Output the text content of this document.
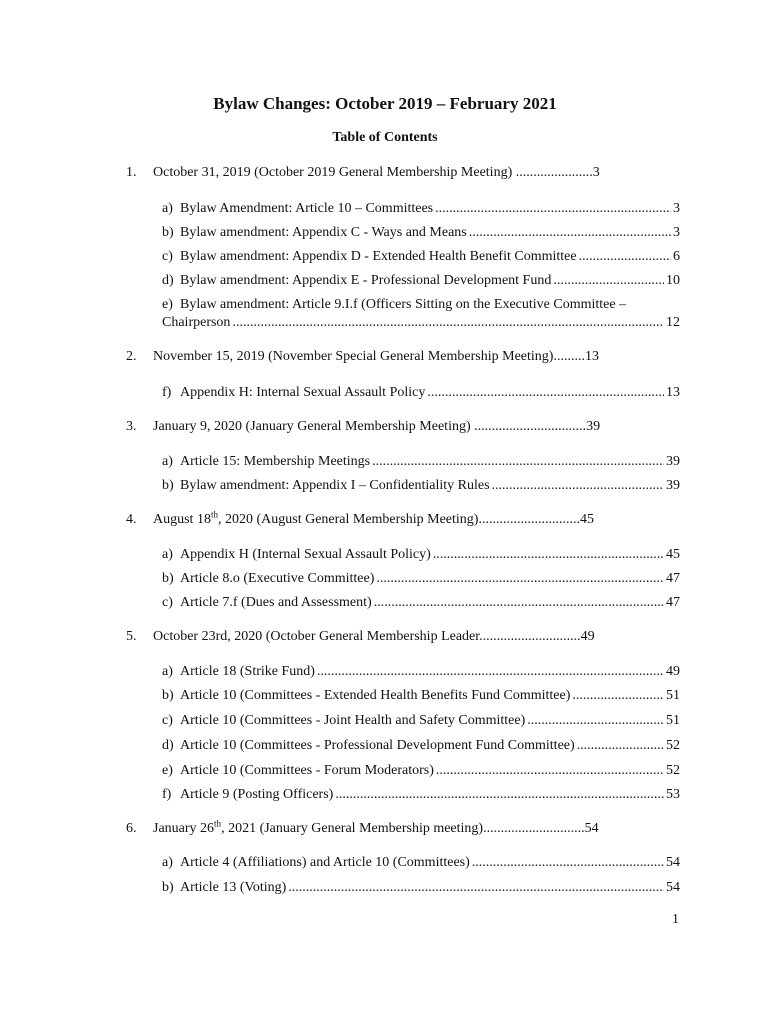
Bylaw Changes: October 2019 – February 2021
Table of Contents
1. October 31, 2019 (October 2019 General Membership Meeting) ......................3
a) Bylaw Amendment: Article 10 – Committees .....	3
b) Bylaw amendment: Appendix C - Ways and Means .....	3
c) Bylaw amendment: Appendix D - Extended Health Benefit Committee .....	6
d) Bylaw amendment: Appendix E - Professional Development Fund .....	10
e) Bylaw amendment: Article 9.I.f (Officers Sitting on the Executive Committee –
Chairperson .....	12
2. November 15, 2019 (November Special General Membership Meeting).........13
f) Appendix H: Internal Sexual Assault Policy .....	13
3. January 9, 2020 (January General Membership Meeting) ................................39
a) Article 15: Membership Meetings .....	39
b) Bylaw amendment: Appendix I – Confidentiality Rules .....	39
4. August 18th, 2020 (August General Membership Meeting).............................45
a) Appendix H (Internal Sexual Assault Policy) .....	45
b) Article 8.o (Executive Committee) .....	47
c) Article 7.f (Dues and Assessment) .....	47
5. October 23rd, 2020 (October General Membership Leader.............................49
a) Article 18 (Strike Fund) .....	49
b) Article 10 (Committees - Extended Health Benefits Fund Committee) .....	51
c) Article 10 (Committees - Joint Health and Safety Committee) .....	51
d) Article 10 (Committees - Professional Development Fund Committee) .....	52
e) Article 10 (Committees - Forum Moderators) .....	52
f) Article 9 (Posting Officers) .....	53
6. January 26th, 2021 (January General Membership meeting).............................54
a) Article 4 (Affiliations) and Article 10 (Committees) .....	54
b) Article 13 (Voting) .....	54
1
